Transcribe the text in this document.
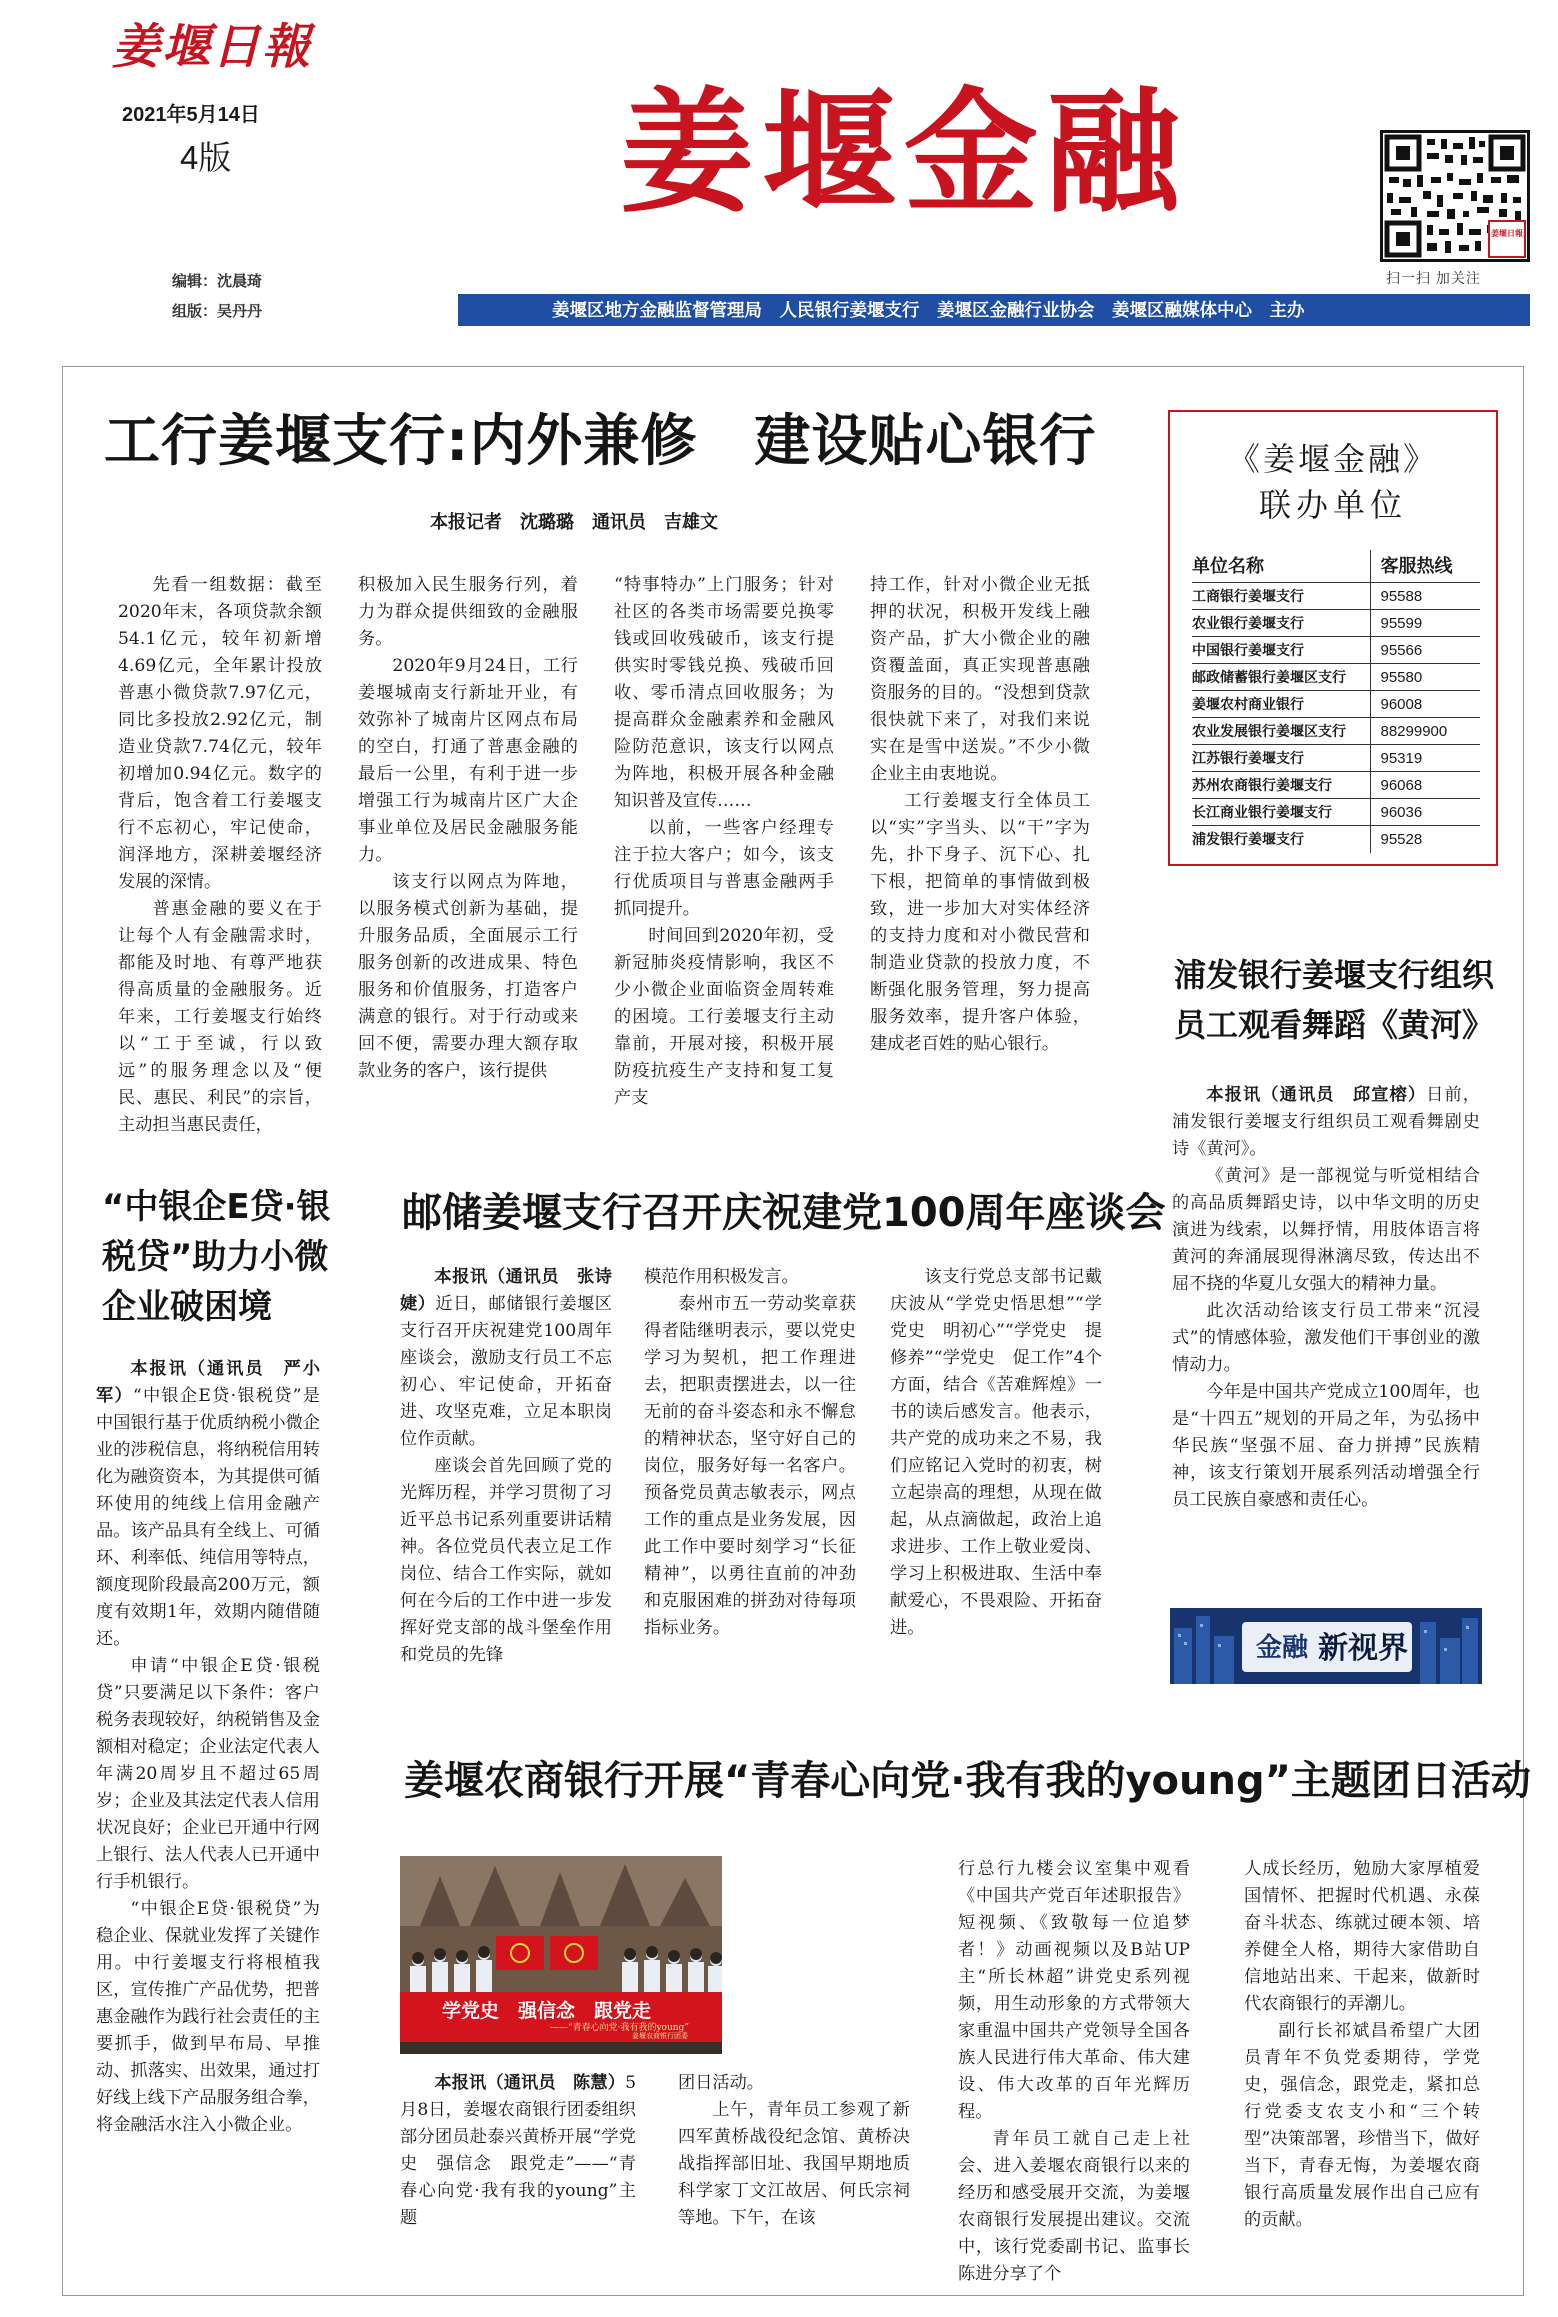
姜堰日報
2021年5月14日
4版
编辑：沈晨琦
组版：吴丹丹
姜堰金融
姜堰日報
扫一扫 加关注
姜堰区地方金融监督管理局　人民银行姜堰支行　姜堰区金融行业协会　姜堰区融媒体中心　主办
工行姜堰支行:内外兼修　建设贴心银行
本报记者　沈璐璐　通讯员　吉雄文

先看一组数据：截至2020年末，各项贷款余额54.1亿元，较年初新增4.69亿元，全年累计投放普惠小微贷款7.97亿元，同比多投放2.92亿元，制造业贷款7.74亿元，较年初增加0.94亿元。数字的背后，饱含着工行姜堰支行不忘初心，牢记使命，润泽地方，深耕姜堰经济发展的深情。

普惠金融的要义在于让每个人有金融需求时，都能及时地、有尊严地获得高质量的金融服务。近年来，工行姜堰支行始终以“工于至诚，行以致远”的服务理念以及“便民、惠民、利民”的宗旨，主动担当惠民责任，

积极加入民生服务行列，着力为群众提供细致的金融服务。

2020年9月24日，工行姜堰城南支行新址开业，有效弥补了城南片区网点布局的空白，打通了普惠金融的最后一公里，有利于进一步增强工行为城南片区广大企事业单位及居民金融服务能力。

该支行以网点为阵地，以服务模式创新为基础，提升服务品质，全面展示工行服务创新的改进成果、特色服务和价值服务，打造客户满意的银行。对于行动或来回不便，需要办理大额存取款业务的客户，该行提供

“特事特办”上门服务；针对社区的各类市场需要兑换零钱或回收残破币，该支行提供实时零钱兑换、残破币回收、零币清点回收服务；为提高群众金融素养和金融风险防范意识，该支行以网点为阵地，积极开展各种金融知识普及宣传……

以前，一些客户经理专注于拉大客户；如今，该支行优质项目与普惠金融两手抓同提升。

时间回到2020年初，受新冠肺炎疫情影响，我区不少小微企业面临资金周转难的困境。工行姜堰支行主动靠前，开展对接，积极开展防疫抗疫生产支持和复工复产支

持工作，针对小微企业无抵押的状况，积极开发线上融资产品，扩大小微企业的融资覆盖面，真正实现普惠融资服务的目的。“没想到贷款很快就下来了，对我们来说实在是雪中送炭。”不少小微企业主由衷地说。

工行姜堰支行全体员工以“实”字当头、以“干”字为先，扑下身子、沉下心、扎下根，把简单的事情做到极致，进一步加大对实体经济的支持力度和对小微民营和制造业贷款的投放力度，不断强化服务管理，努力提高服务效率，提升客户体验，建成老百姓的贴心银行。

《姜堰金融》
联办单位
单位名称	客服热线
工商银行姜堰支行	95588
农业银行姜堰支行	95599
中国银行姜堰支行	95566
邮政储蓄银行姜堰区支行	95580
姜堰农村商业银行	96008
农业发展银行姜堰区支行	88299900
江苏银行姜堰支行	95319
苏州农商银行姜堰支行	96068
长江商业银行姜堰支行	96036
浦发银行姜堰支行	95528
浦发银行姜堰支行组织
员工观看舞蹈《黄河》

本报讯（通讯员　邱宣榕）日前，浦发银行姜堰支行组织员工观看舞剧史诗《黄河》。

《黄河》是一部视觉与听觉相结合的高品质舞蹈史诗，以中华文明的历史演进为线索，以舞抒情，用肢体语言将黄河的奔涌展现得淋漓尽致，传达出不屈不挠的华夏儿女强大的精神力量。

此次活动给该支行员工带来“沉浸式”的情感体验，激发他们干事创业的激情动力。

今年是中国共产党成立100周年，也是“十四五”规划的开局之年，为弘扬中华民族“坚强不屈、奋力拼搏”民族精神，该支行策划开展系列活动增强全行员工民族自豪感和责任心。

金融 新视界
“中银企E贷·银
税贷”助力小微
企业破困境

本报讯（通讯员　严小军）“中银企E贷·银税贷”是中国银行基于优质纳税小微企业的涉税信息，将纳税信用转化为融资资本，为其提供可循环使用的纯线上信用金融产品。该产品具有全线上、可循环、利率低、纯信用等特点，额度现阶段最高200万元，额度有效期1年，效期内随借随还。

申请“中银企E贷·银税贷”只要满足以下条件：客户税务表现较好，纳税销售及金额相对稳定；企业法定代表人年满20周岁且不超过65周岁；企业及其法定代表人信用状况良好；企业已开通中行网上银行、法人代表人已开通中行手机银行。

“中银企E贷·银税贷”为稳企业、保就业发挥了关键作用。中行姜堰支行将根植我区，宣传推广产品优势，把普惠金融作为践行社会责任的主要抓手，做到早布局、早推动、抓落实、出效果，通过打好线上线下产品服务组合拳，将金融活水注入小微企业。

邮储姜堰支行召开庆祝建党100周年座谈会

本报讯（通讯员　张诗婕）近日，邮储银行姜堰区支行召开庆祝建党100周年座谈会，激励支行员工不忘初心、牢记使命，开拓奋进、攻坚克难，立足本职岗位作贡献。

座谈会首先回顾了党的光辉历程，并学习贯彻了习近平总书记系列重要讲话精神。各位党员代表立足工作岗位、结合工作实际，就如何在今后的工作中进一步发挥好党支部的战斗堡垒作用和党员的先锋

模范作用积极发言。

泰州市五一劳动奖章获得者陆继明表示，要以党史学习为契机，把工作理进去，把职责摆进去，以一往无前的奋斗姿态和永不懈怠的精神状态，坚守好自己的岗位，服务好每一名客户。预备党员黄志敏表示，网点工作的重点是业务发展，因此工作中要时刻学习“长征精神”，以勇往直前的冲劲和克服困难的拼劲对待每项指标业务。

该支行党总支部书记戴庆波从“学党史悟思想”“学党史　明初心”“学党史　提修养”“学党史　促工作”4个方面，结合《苦难辉煌》一书的读后感发言。他表示，共产党的成功来之不易，我们应铭记入党时的初衷，树立起崇高的理想，从现在做起，从点滴做起，政治上追求进步、工作上敬业爱岗、学习上积极进取、生活中奉献爱心，不畏艰险、开拓奋进。

姜堰农商银行开展“青春心向党·我有我的young”主题团日活动
学党史　强信念　跟党走
——“青春心向党·我有我的young”
姜堰农商银行团委

本报讯（通讯员　陈慧）5月8日，姜堰农商银行团委组织部分团员赴泰兴黄桥开展“学党史　强信念　跟党走”——“青春心向党·我有我的young”主题

团日活动。

上午，青年员工参观了新四军黄桥战役纪念馆、黄桥决战指挥部旧址、我国早期地质科学家丁文江故居、何氏宗祠等地。下午，在该

行总行九楼会议室集中观看《中国共产党百年述职报告》短视频、《致敬每一位追梦者！》动画视频以及B站UP主“所长林超”讲党史系列视频，用生动形象的方式带领大家重温中国共产党领导全国各族人民进行伟大革命、伟大建设、伟大改革的百年光辉历程。

青年员工就自己走上社会、进入姜堰农商银行以来的经历和感受展开交流，为姜堰农商银行发展提出建议。交流中，该行党委副书记、监事长陈进分享了个

人成长经历，勉励大家厚植爱国情怀、把握时代机遇、永葆奋斗状态、练就过硬本领、培养健全人格，期待大家借助自信地站出来、干起来，做新时代农商银行的弄潮儿。

副行长祁斌昌希望广大团员青年不负党委期待，学党史，强信念，跟党走，紧扣总行党委支农支小和“三个转型”决策部署，珍惜当下，做好当下，青春无悔，为姜堰农商银行高质量发展作出自己应有的贡献。
